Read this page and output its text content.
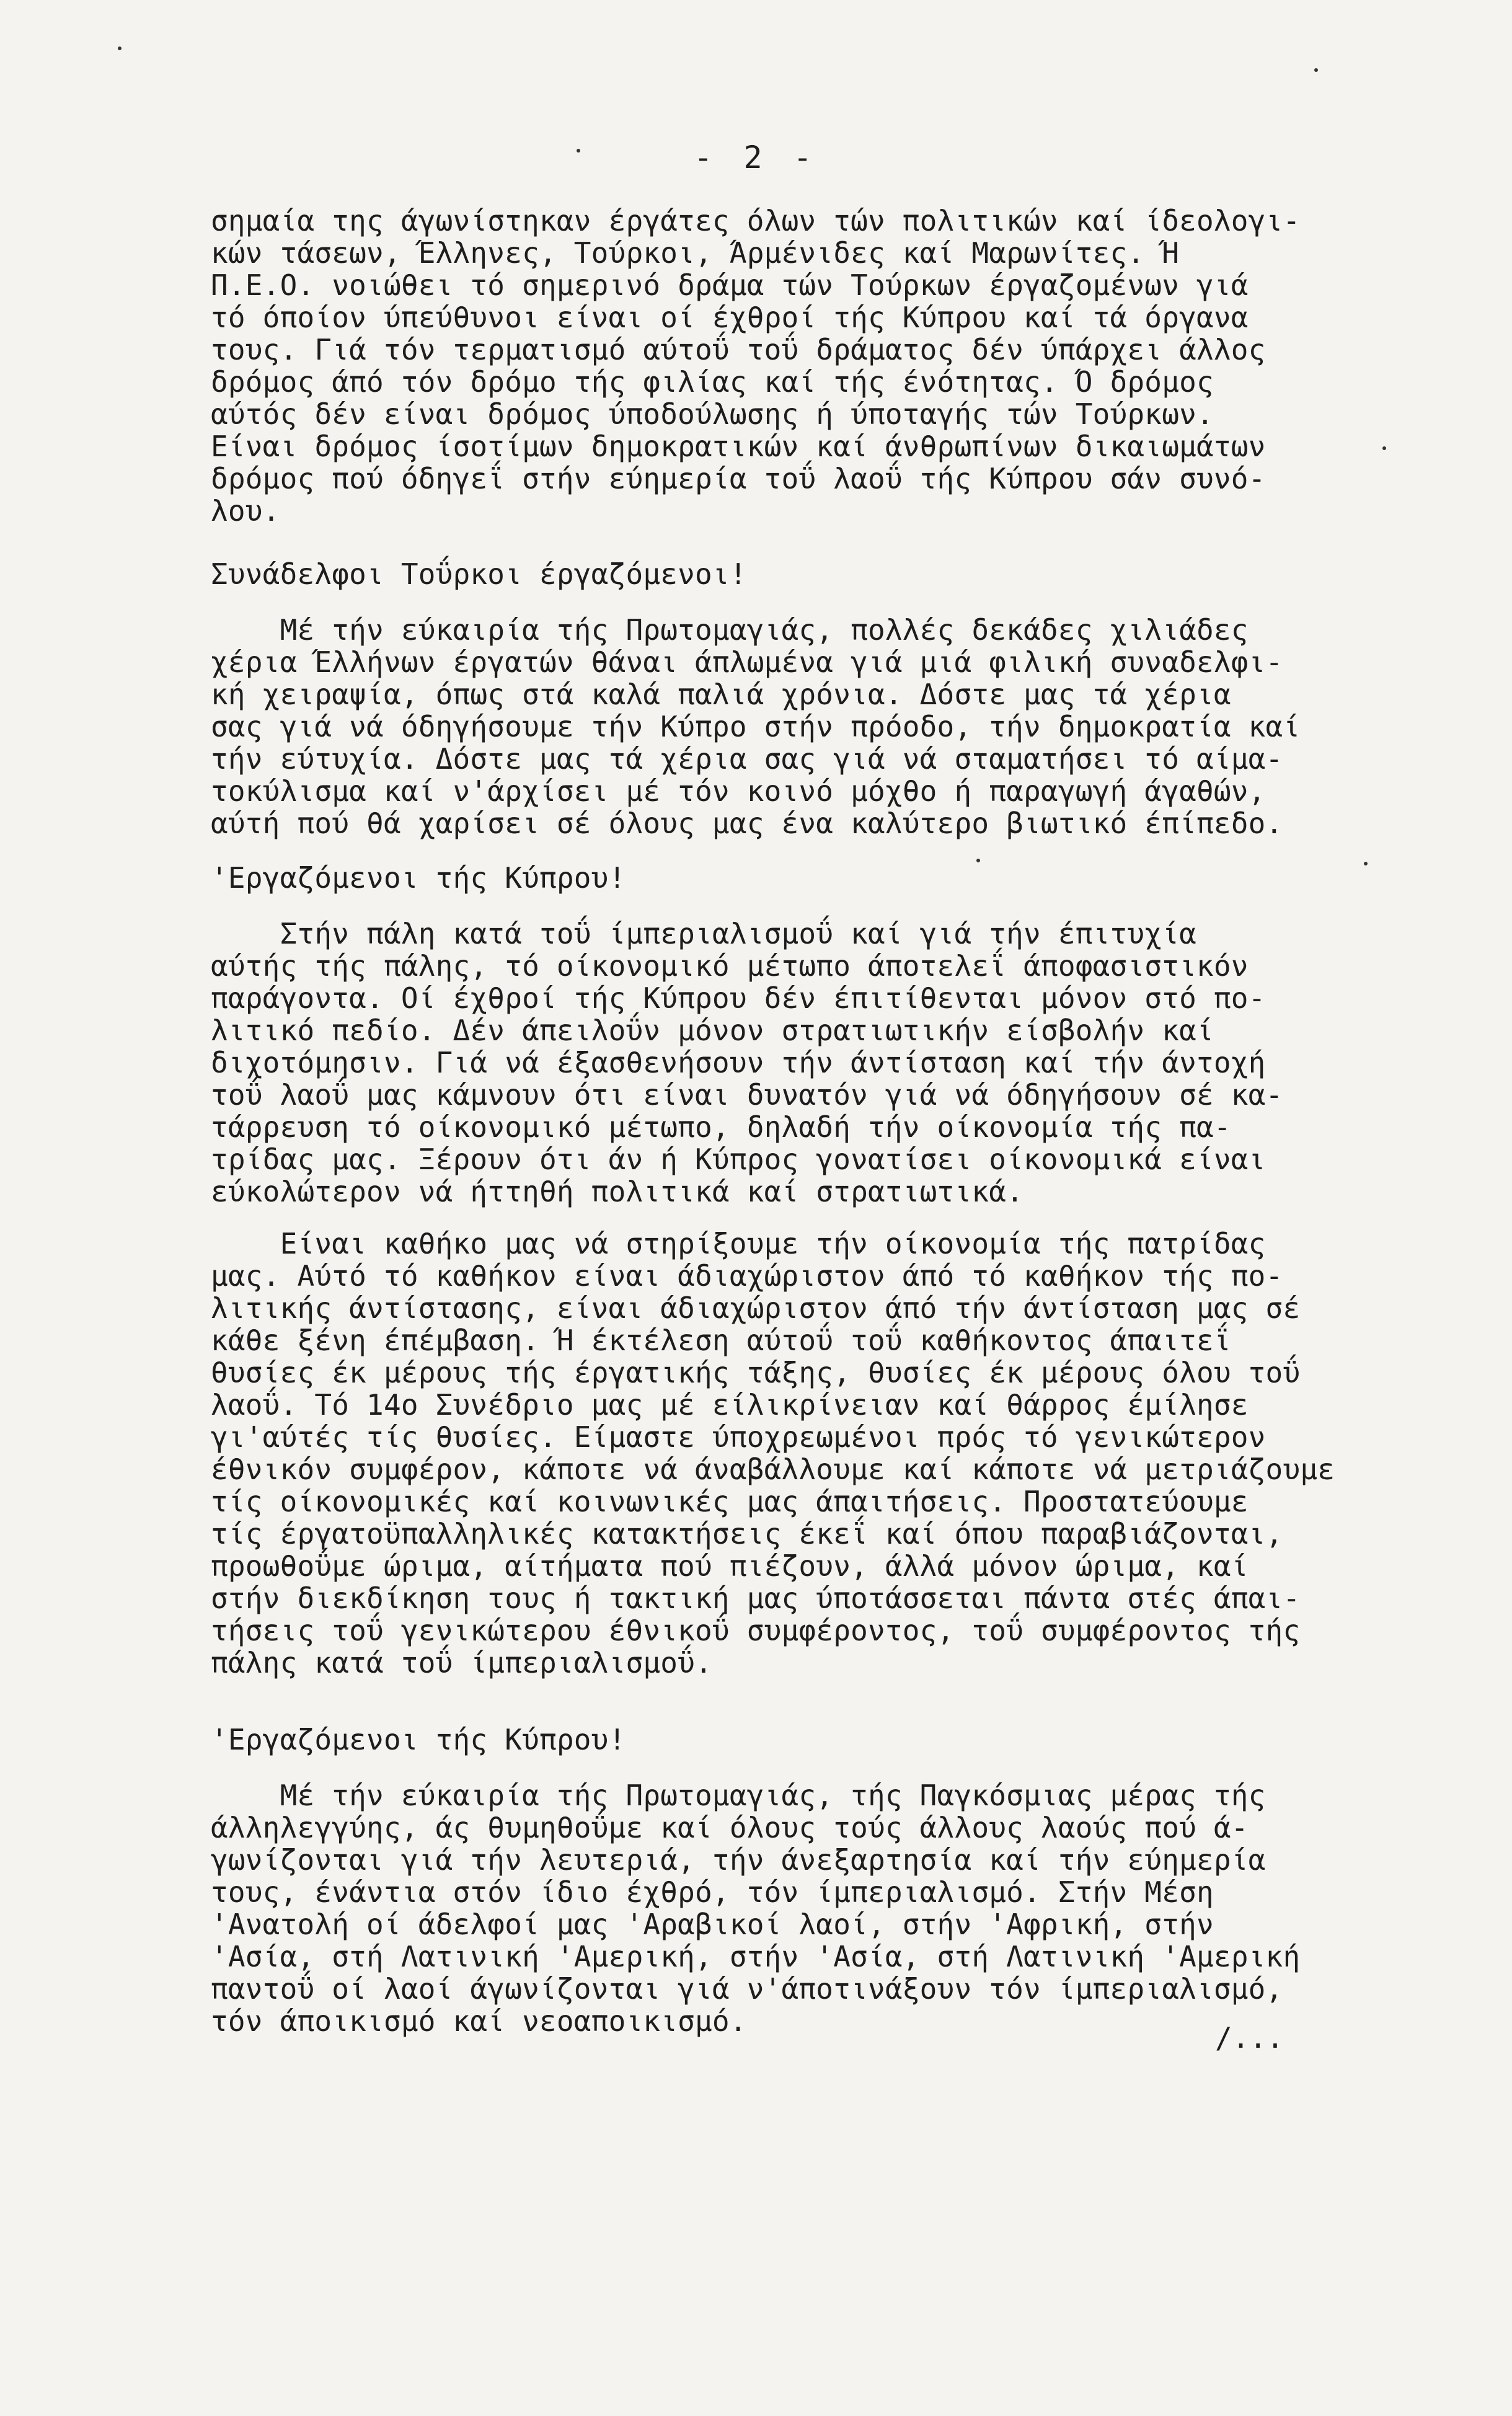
- 2 -
σημαία της άγωνίστηκαν έργάτες όλων τών πολιτικών καί ίδεολογι-
κών τάσεων, Έλληνες, Τούρκοι, Άρμένιδες καί Μαρωνίτες. Ή
Π.Ε.Ο. νοιώθει τό σημερινό δράμα τών Τούρκων έργαζομένων γιά
τό όποίον ύπεύθυνοι είναι οί έχθροί τής Κύπρου καί τά όργανα
τους. Γιά τόν τερματισμό αύτοΰ τοΰ δράματος δέν ύπάρχει άλλος
δρόμος άπό τόν δρόμο τής φιλίας καί τής ένότητας. Ό δρόμος
αύτός δέν είναι δρόμος ύποδούλωσης ή ύποταγής τών Τούρκων.
Είναι δρόμος ίσοτίμων δημοκρατικών καί άνθρωπίνων δικαιωμάτων
δρόμος πού όδηγεΐ στήν εύημερία τοΰ λαοΰ τής Κύπρου σάν συνό-
λου.
Συνάδελφοι Τοΰρκοι έργαζόμενοι!
Μέ τήν εύκαιρία τής Πρωτομαγιάς, πολλές δεκάδες χιλιάδες
χέρια Έλλήνων έργατών θάναι άπλωμένα γιά μιά φιλική συναδελφι-
κή χειραψία, όπως στά καλά παλιά χρόνια. Δόστε μας τά χέρια
σας γιά νά όδηγήσουμε τήν Κύπρο στήν πρόοδο, τήν δημοκρατία καί
τήν εύτυχία. Δόστε μας τά χέρια σας γιά νά σταματήσει τό αίμα-
τοκύλισμα καί ν'άρχίσει μέ τόν κοινό μόχθο ή παραγωγή άγαθών,
αύτή πού θά χαρίσει σέ όλους μας ένα καλύτερο βιωτικό έπίπεδο.
'Εργαζόμενοι τής Κύπρου!
Στήν πάλη κατά τοΰ ίμπεριαλισμοΰ καί γιά τήν έπιτυχία
αύτής τής πάλης, τό οίκονομικό μέτωπο άποτελεΐ άποφασιστικόν
παράγοντα. Οί έχθροί τής Κύπρου δέν έπιτίθενται μόνον στό πο-
λιτικό πεδίο. Δέν άπειλοΰν μόνον στρατιωτικήν είσβολήν καί
διχοτόμησιν. Γιά νά έξασθενήσουν τήν άντίσταση καί τήν άντοχή
τοΰ λαοΰ μας κάμνουν ότι είναι δυνατόν γιά νά όδηγήσουν σέ κα-
τάρρευση τό οίκονομικό μέτωπο, δηλαδή τήν οίκονομία τής πα-
τρίδας μας. Ξέρουν ότι άν ή Κύπρος γονατίσει οίκονομικά είναι
εύκολώτερον νά ήττηθή πολιτικά καί στρατιωτικά.
Είναι καθήκο μας νά στηρίξουμε τήν οίκονομία τής πατρίδας
μας. Αύτό τό καθήκον είναι άδιαχώριστον άπό τό καθήκον τής πο-
λιτικής άντίστασης, είναι άδιαχώριστον άπό τήν άντίσταση μας σέ
κάθε ξένη έπέμβαση. Ή έκτέλεση αύτοΰ τοΰ καθήκοντος άπαιτεΐ
θυσίες έκ μέρους τής έργατικής τάξης, θυσίες έκ μέρους όλου τοΰ
λαοΰ. Τό 14ο Συνέδριο μας μέ είλικρίνειαν καί θάρρος έμίλησε
γι'αύτές τίς θυσίες. Είμαστε ύποχρεωμένοι πρός τό γενικώτερον
έθνικόν συμφέρον, κάποτε νά άναβάλλουμε καί κάποτε νά μετριάζουμε
τίς οίκονομικές καί κοινωνικές μας άπαιτήσεις. Προστατεύουμε
τίς έργατοϋπαλληλικές κατακτήσεις έκεΐ καί όπου παραβιάζονται,
προωθοΰμε ώριμα, αίτήματα πού πιέζουν, άλλά μόνον ώριμα, καί
στήν διεκδίκηση τους ή τακτική μας ύποτάσσεται πάντα στές άπαι-
τήσεις τοΰ γενικώτερου έθνικοΰ συμφέροντος, τοΰ συμφέροντος τής
πάλης κατά τοΰ ίμπεριαλισμοΰ.
'Εργαζόμενοι τής Κύπρου!
Μέ τήν εύκαιρία τής Πρωτομαγιάς, τής Παγκόσμιας μέρας τής
άλληλεγγύης, άς θυμηθοΰμε καί όλους τούς άλλους λαούς πού ά-
γωνίζονται γιά τήν λευτεριά, τήν άνεξαρτησία καί τήν εύημερία
τους, ένάντια στόν ίδιο έχθρό, τόν ίμπεριαλισμό. Στήν Μέση
'Ανατολή οί άδελφοί μας 'Αραβικοί λαοί, στήν 'Αφρική, στήν
'Ασία, στή Λατινική 'Αμερική, στήν 'Ασία, στή Λατινική 'Αμερική
παντοΰ οί λαοί άγωνίζονται γιά ν'άποτινάξουν τόν ίμπεριαλισμό,
τόν άποικισμό καί νεοαποικισμό.	/...
